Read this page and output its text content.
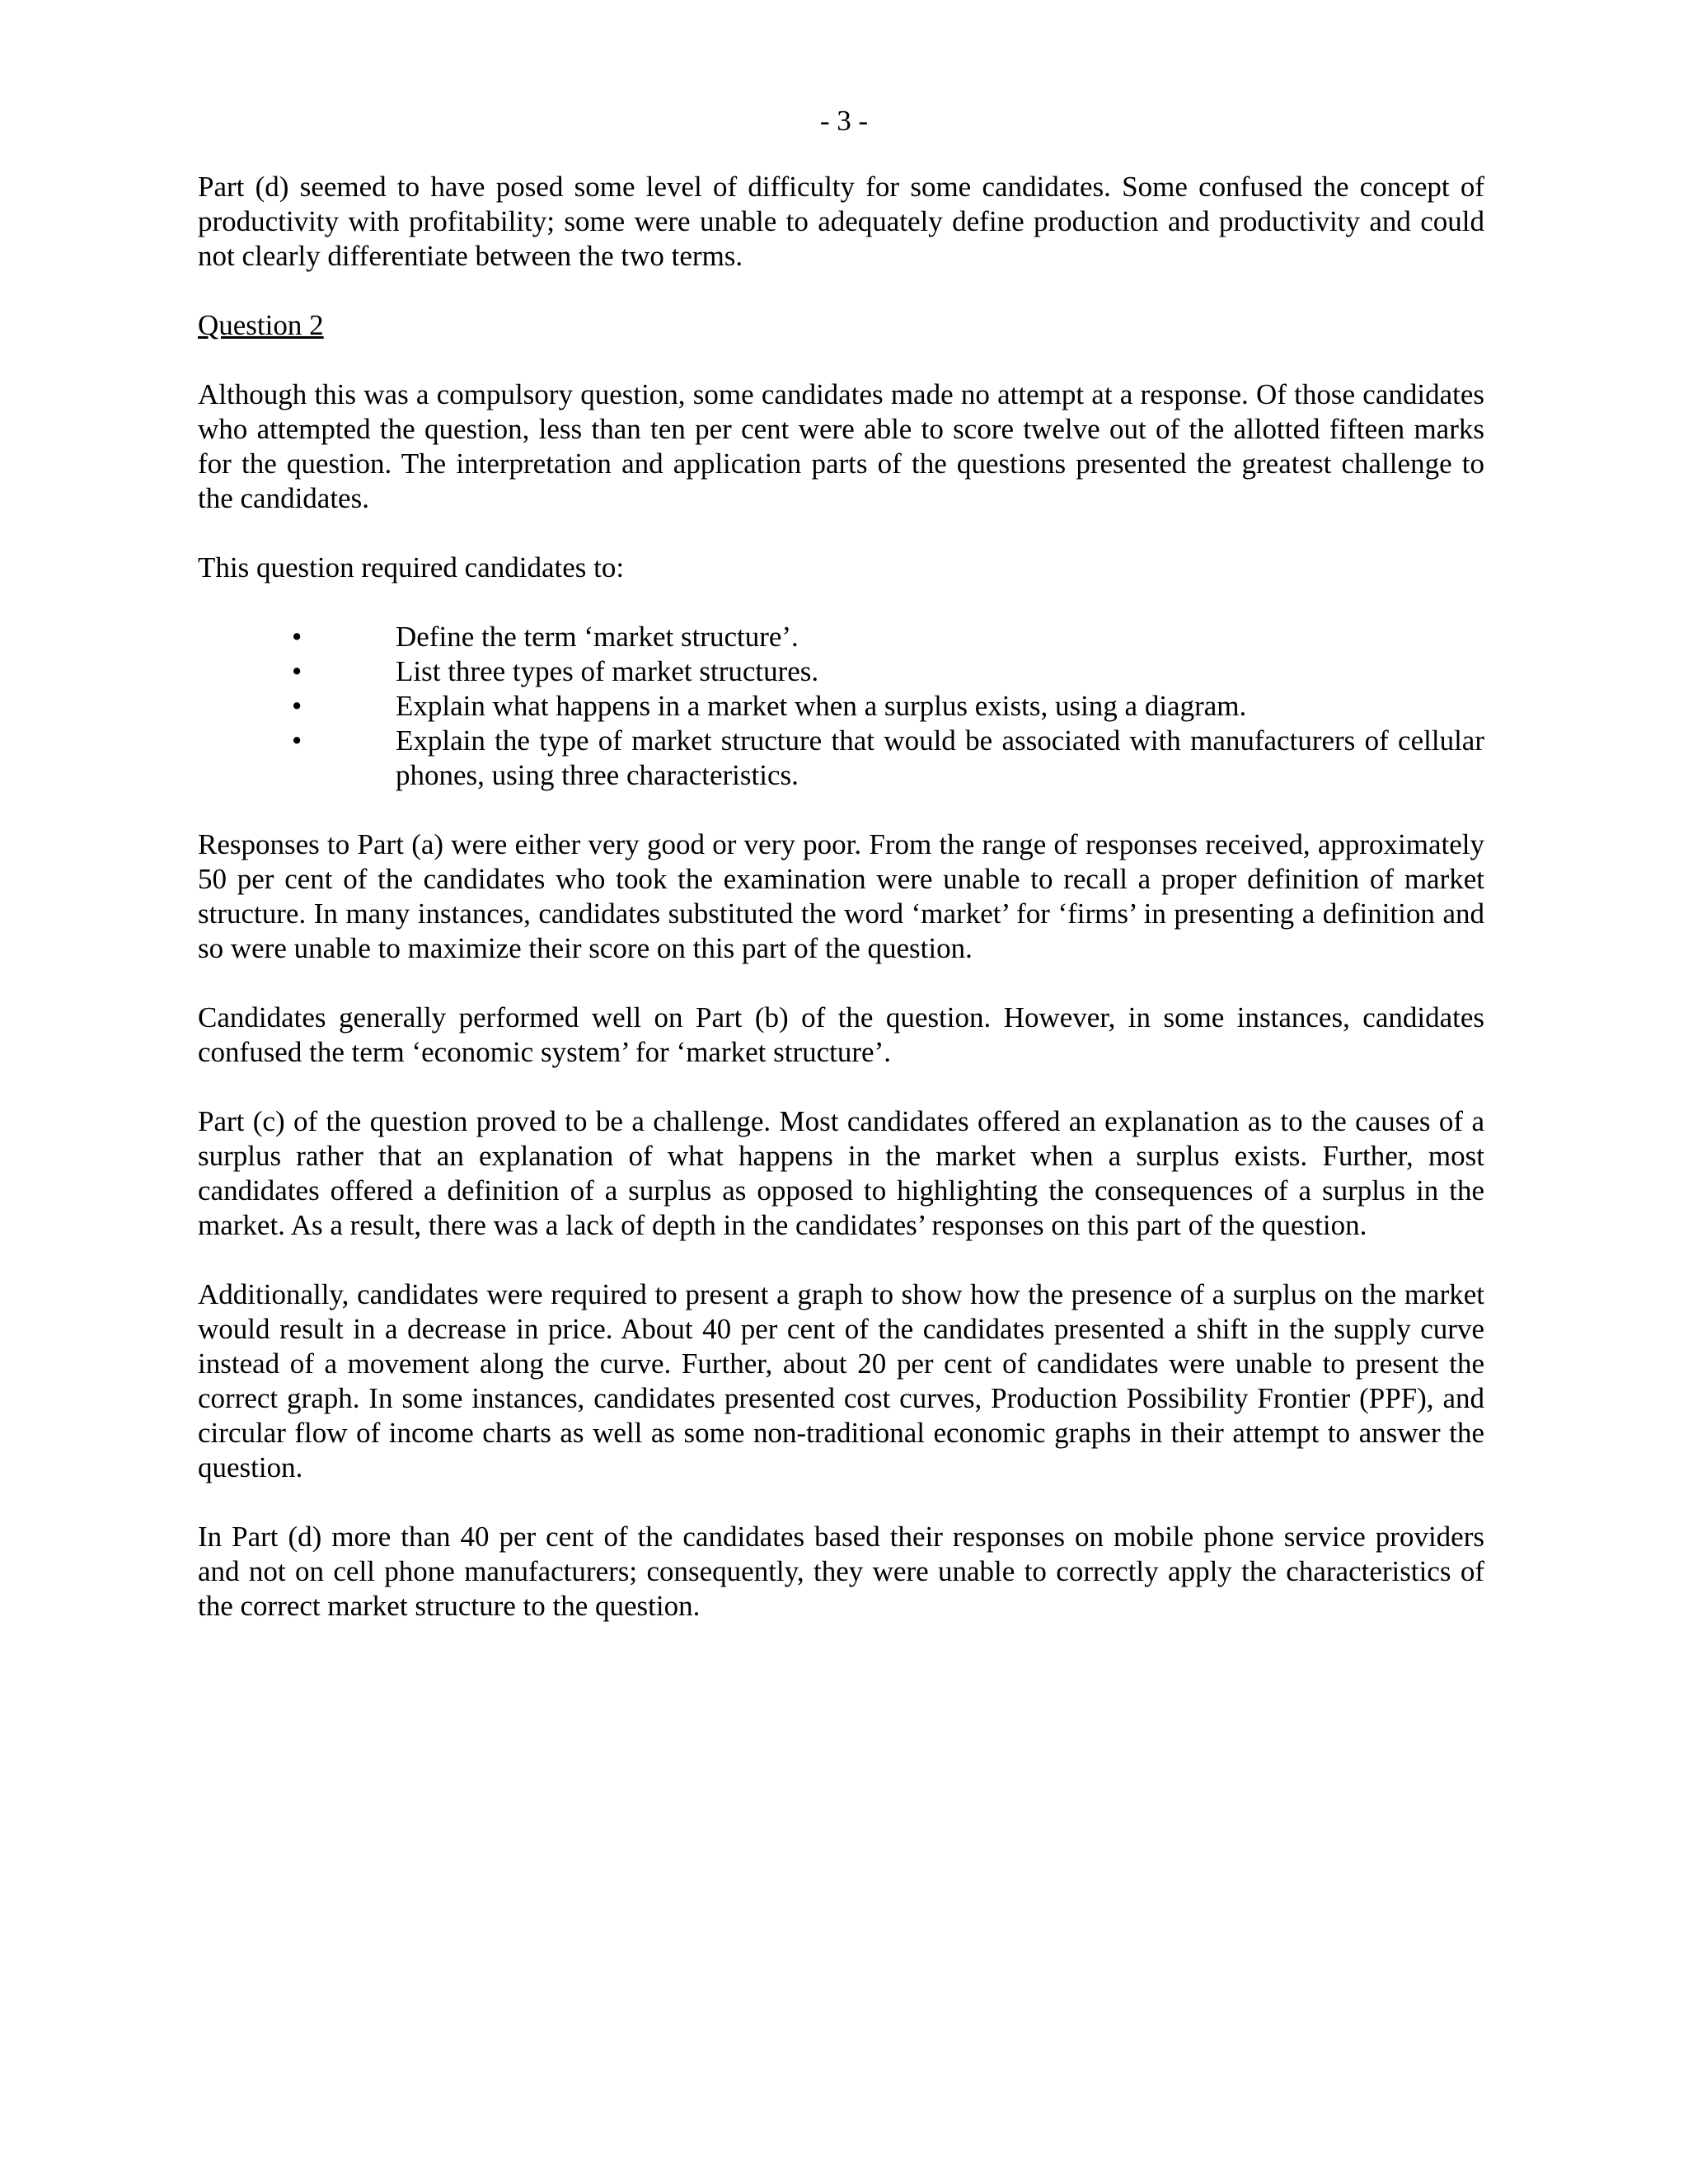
- 3 -

Part (d) seemed to have posed some level of difficulty for some candidates. Some confused the concept of productivity with profitability; some were unable to adequately define production and productivity and could not clearly differentiate between the two terms.

Question 2

Although this was a compulsory question, some candidates made no attempt at a response. Of those candidates who attempted the question, less than ten per cent were able to score twelve out of the allotted fifteen marks for the question. The interpretation and application parts of the questions presented the greatest challenge to the candidates.

This question required candidates to:

•	Define the term ‘market structure’.
•	List three types of market structures.
•	Explain what happens in a market when a surplus exists, using a diagram.
•	Explain the type of market structure that would be associated with manufacturers of cellular phones, using three characteristics.

Responses to Part (a) were either very good or very poor. From the range of responses received, approximately 50 per cent of the candidates who took the examination were unable to recall a proper definition of market structure. In many instances, candidates substituted the word ‘market’ for ‘firms’ in presenting a definition and so were unable to maximize their score on this part of the question.

Candidates generally performed well on Part (b) of the question. However, in some instances, candidates confused the term ‘economic system’ for ‘market structure’.

Part (c) of the question proved to be a challenge. Most candidates offered an explanation as to the causes of a surplus rather that an explanation of what happens in the market when a surplus exists. Further, most candidates offered a definition of a surplus as opposed to highlighting the consequences of a surplus in the market. As a result, there was a lack of depth in the candidates’ responses on this part of the question.

Additionally, candidates were required to present a graph to show how the presence of a surplus on the market would result in a decrease in price. About 40 per cent of the candidates presented a shift in the supply curve instead of a movement along the curve. Further, about 20 per cent of candidates were unable to present the correct graph. In some instances, candidates presented cost curves, Production Possibility Frontier (PPF), and circular flow of income charts as well as some non-traditional economic graphs in their attempt to answer the question.

In Part (d) more than 40 per cent of the candidates based their responses on mobile phone service providers and not on cell phone manufacturers; consequently, they were unable to correctly apply the characteristics of the correct market structure to the question.
